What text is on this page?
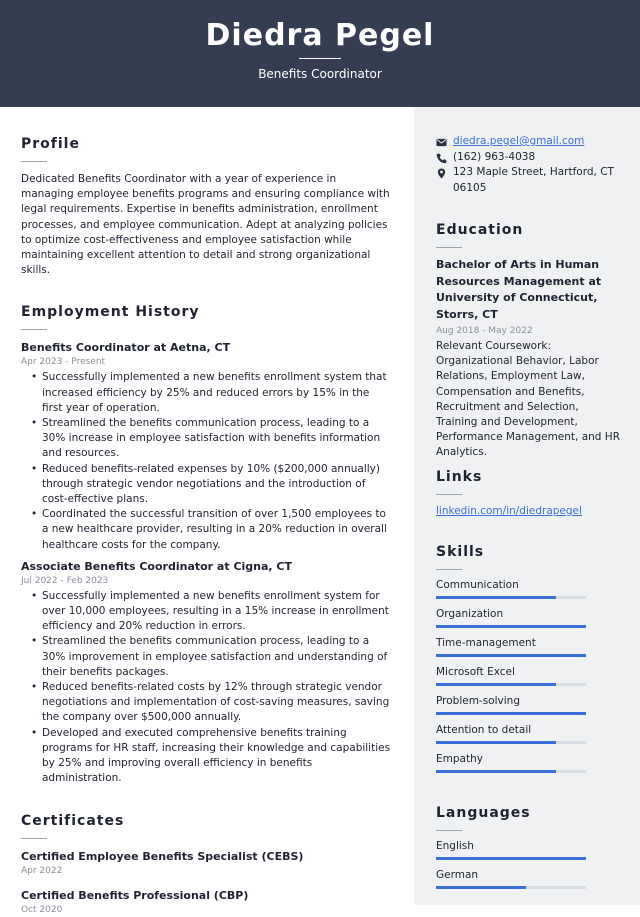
Diedra Pegel
Benefits Coordinator
Profile

Dedicated Benefits Coordinator with a year of experience in managing employee benefits programs and ensuring compliance with legal requirements. Expertise in benefits administration, enrollment processes, and employee communication. Adept at analyzing policies to optimize cost-effectiveness and employee satisfaction while maintaining excellent attention to detail and strong organizational skills.

Employment History
Benefits Coordinator at Aetna, CT
Apr 2023 - Present
• Successfully implemented a new benefits enrollment system that increased efficiency by 25% and reduced errors by 15% in the first year of operation.
• Streamlined the benefits communication process, leading to a 30% increase in employee satisfaction with benefits information and resources.
• Reduced benefits-related expenses by 10% ($200,000 annually) through strategic vendor negotiations and the introduction of cost-effective plans.
• Coordinated the successful transition of over 1,500 employees to a new healthcare provider, resulting in a 20% reduction in overall healthcare costs for the company.
Associate Benefits Coordinator at Cigna, CT
Jul 2022 - Feb 2023
• Successfully implemented a new benefits enrollment system for over 10,000 employees, resulting in a 15% increase in enrollment efficiency and 20% reduction in errors.
• Streamlined the benefits communication process, leading to a 30% improvement in employee satisfaction and understanding of their benefits packages.
• Reduced benefits-related costs by 12% through strategic vendor negotiations and implementation of cost-saving measures, saving the company over $500,000 annually.
• Developed and executed comprehensive benefits training programs for HR staff, increasing their knowledge and capabilities by 25% and improving overall efficiency in benefits administration.
Certificates
Certified Employee Benefits Specialist (CEBS)
Apr 2022
Certified Benefits Professional (CBP)
Oct 2020
diedra.pegel@gmail.com
(162) 963-4038
123 Maple Street, Hartford, CT 06105
Education
Bachelor of Arts in Human Resources Management at University of Connecticut, Storrs, CT
Aug 2018 - May 2022

Relevant Coursework: Organizational Behavior, Labor Relations, Employment Law, Compensation and Benefits, Recruitment and Selection, Training and Development, Performance Management, and HR Analytics.

Links
linkedin.com/in/diedrapegel
Skills
Communication
Organization
Time-management
Microsoft Excel
Problem-solving
Attention to detail
Empathy
Languages
English
German
